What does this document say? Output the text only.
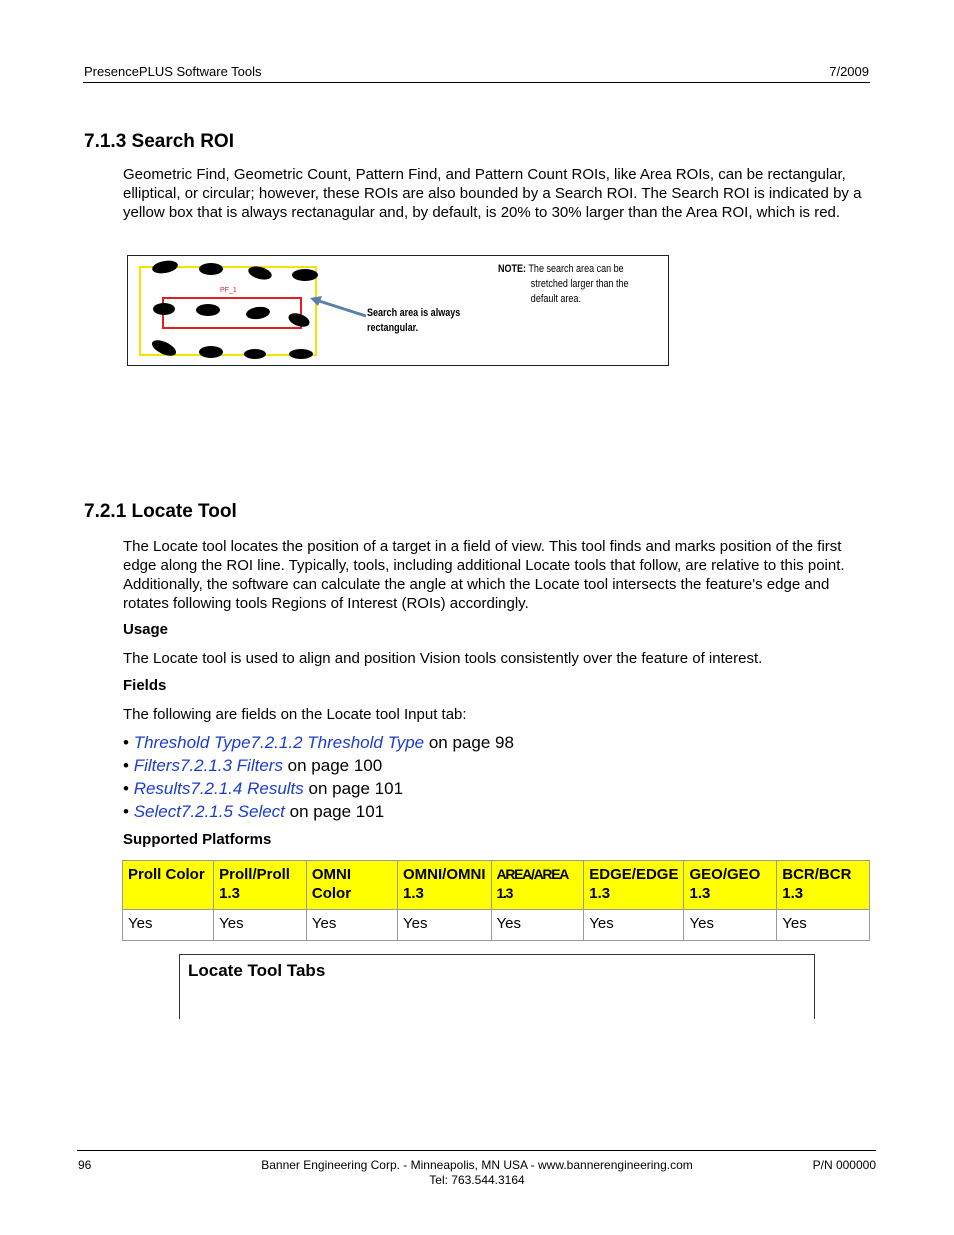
PresencePLUS Software Tools	7/2009
7.1.3 Search ROI
Geometric Find, Geometric Count, Pattern Find, and Pattern Count ROIs, like Area ROIs, can be rectangular, elliptical, or circular; however, these ROIs are also bounded by a Search ROI. The Search ROI is indicated by a yellow box that is always rectanagular and, by default, is 20% to 30% larger than the Area ROI, which is red.
PF_1
Search area is always
rectangular.
NOTE: The search area can be
stretched larger than the
default area.
7.2.1 Locate Tool
The Locate tool locates the position of a target in a field of view. This tool finds and marks position of the first edge along the ROI line. Typically, tools, including additional Locate tools that follow, are relative to this point. Additionally, the software can calculate the angle at which the Locate tool intersects the feature's edge and rotates following tools Regions of Interest (ROIs) accordingly.
Usage
The Locate tool is used to align and position Vision tools consistently over the feature of interest.
Fields
The following are fields on the Locate tool Input tab:
• Threshold Type7.2.1.2 Threshold Type on page 98
• Filters7.2.1.3 Filters on page 100
• Results7.2.1.4 Results on page 101
• Select7.2.1.5 Select on page 101
Supported Platforms
Proll Color	Proll/Proll 1.3	OMNI Color	OMNI/OMNI 1.3	AREA/AREA 1.3	EDGE/EDGE 1.3	GEO/GEO 1.3	BCR/BCR 1.3
Yes	Yes	Yes	Yes	Yes	Yes	Yes	Yes
Locate Tool Tabs
96	Banner Engineering Corp. - Minneapolis, MN USA - www.bannerengineering.com
Tel: 763.544.3164
P/N 000000
